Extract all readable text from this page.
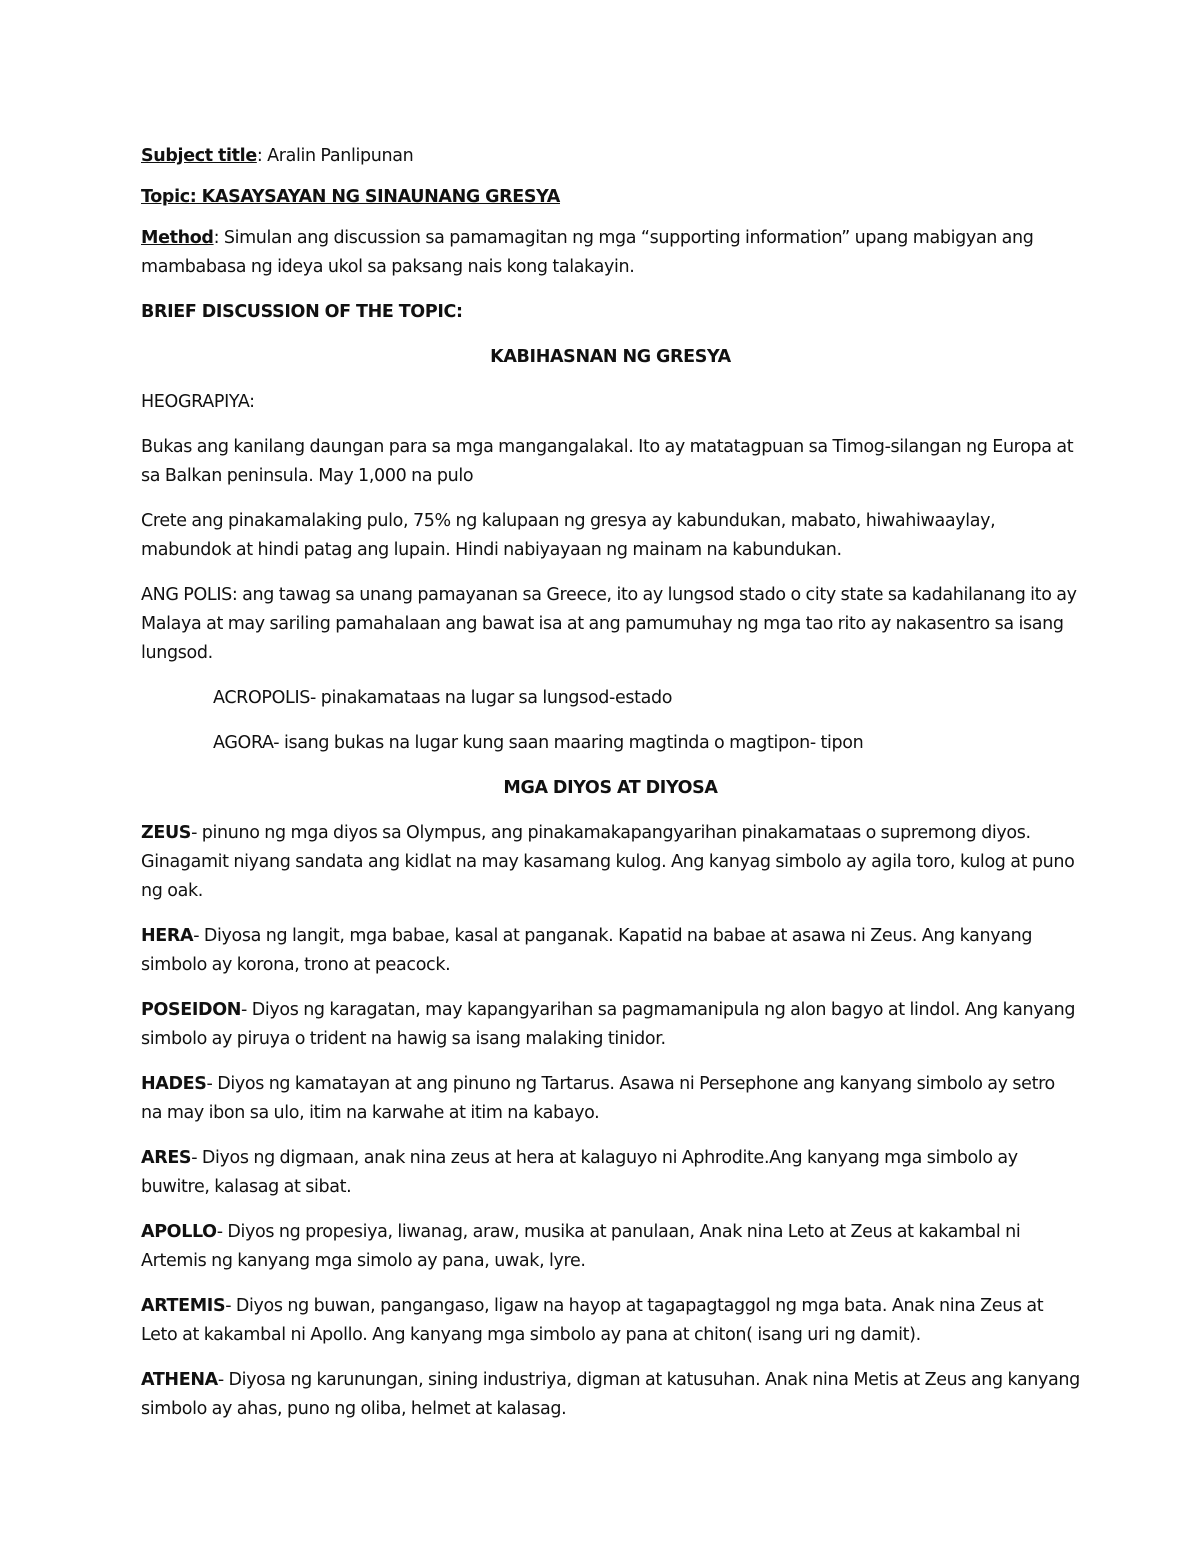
Subject title: Aralin Panlipunan

Topic: KASAYSAYAN NG SINAUNANG GRESYA

Method: Simulan ang discussion sa pamamagitan ng mga “supporting information” upang mabigyan ang mambabasa ng ideya ukol sa paksang nais kong talakayin.

BRIEF DISCUSSION OF THE TOPIC:

KABIHASNAN NG GRESYA

HEOGRAPIYA:

Bukas ang kanilang daungan para sa mga mangangalakal. Ito ay matatagpuan sa Timog-silangan ng Europa at sa Balkan peninsula. May 1,000 na pulo

Crete ang pinakamalaking pulo, 75% ng kalupaan ng gresya ay kabundukan, mabato, hiwahiwaaylay, mabundok at hindi patag ang lupain. Hindi nabiyayaan ng mainam na kabundukan.

ANG POLIS: ang tawag sa unang pamayanan sa Greece, ito ay lungsod stado o city state sa kadahilanang ito ay Malaya at may sariling pamahalaan ang bawat isa at ang pamumuhay ng mga tao rito ay nakasentro sa isang lungsod.

ACROPOLIS- pinakamataas na lugar sa lungsod-estado

AGORA- isang bukas na lugar kung saan maaring magtinda o magtipon- tipon

MGA DIYOS AT DIYOSA

ZEUS- pinuno ng mga diyos sa Olympus, ang pinakamakapangyarihan pinakamataas o supremong diyos. Ginagamit niyang sandata ang kidlat na may kasamang kulog. Ang kanyag simbolo ay agila toro, kulog at puno ng oak.

HERA- Diyosa ng langit, mga babae, kasal at panganak. Kapatid na babae at asawa ni Zeus. Ang kanyang simbolo ay korona, trono at peacock.

POSEIDON- Diyos ng karagatan, may kapangyarihan sa pagmamanipula ng alon bagyo at lindol. Ang kanyang simbolo ay piruya o trident na hawig sa isang malaking tinidor.

HADES- Diyos ng kamatayan at ang pinuno ng Tartarus. Asawa ni Persephone ang kanyang simbolo ay setro na may ibon sa ulo, itim na karwahe at itim na kabayo.

ARES- Diyos ng digmaan, anak nina zeus at hera at kalaguyo ni Aphrodite.Ang kanyang mga simbolo ay buwitre, kalasag at sibat.

APOLLO- Diyos ng propesiya, liwanag, araw, musika at panulaan, Anak nina Leto at Zeus at kakambal ni Artemis ng kanyang mga simolo ay pana, uwak, lyre.

ARTEMIS- Diyos ng buwan, pangangaso, ligaw na hayop at tagapagtaggol ng mga bata. Anak nina Zeus at Leto at kakambal ni Apollo. Ang kanyang mga simbolo ay pana at chiton( isang uri ng damit).

ATHENA- Diyosa ng karunungan, sining industriya, digman at katusuhan. Anak nina Metis at Zeus ang kanyang simbolo ay ahas, puno ng oliba, helmet at kalasag.
